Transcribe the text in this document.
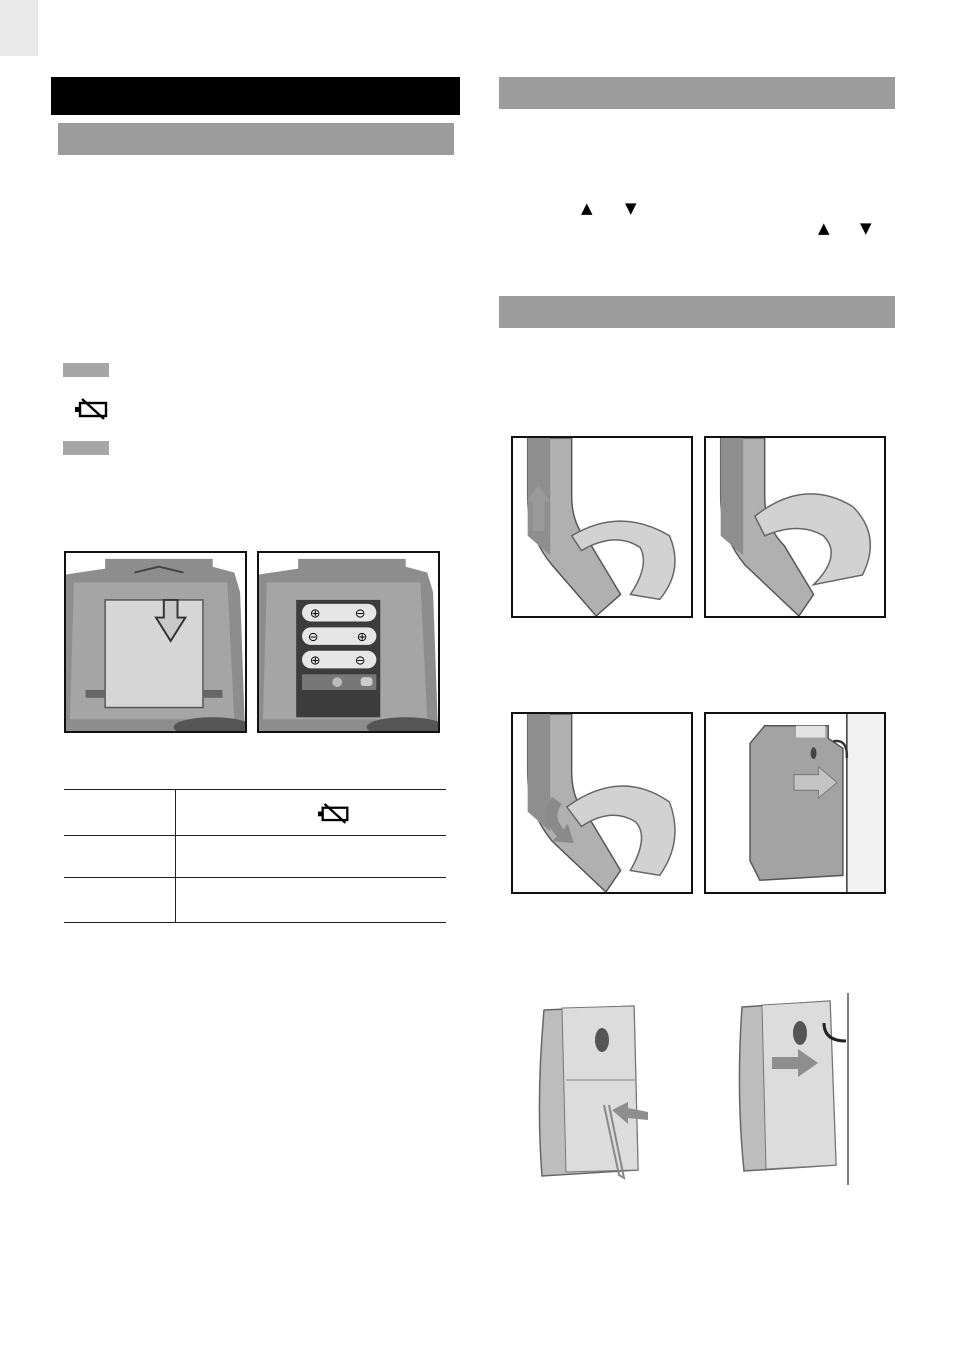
⊕	⊖
⊖	⊕
⊕	⊖
▲ ▼
▲ ▼
